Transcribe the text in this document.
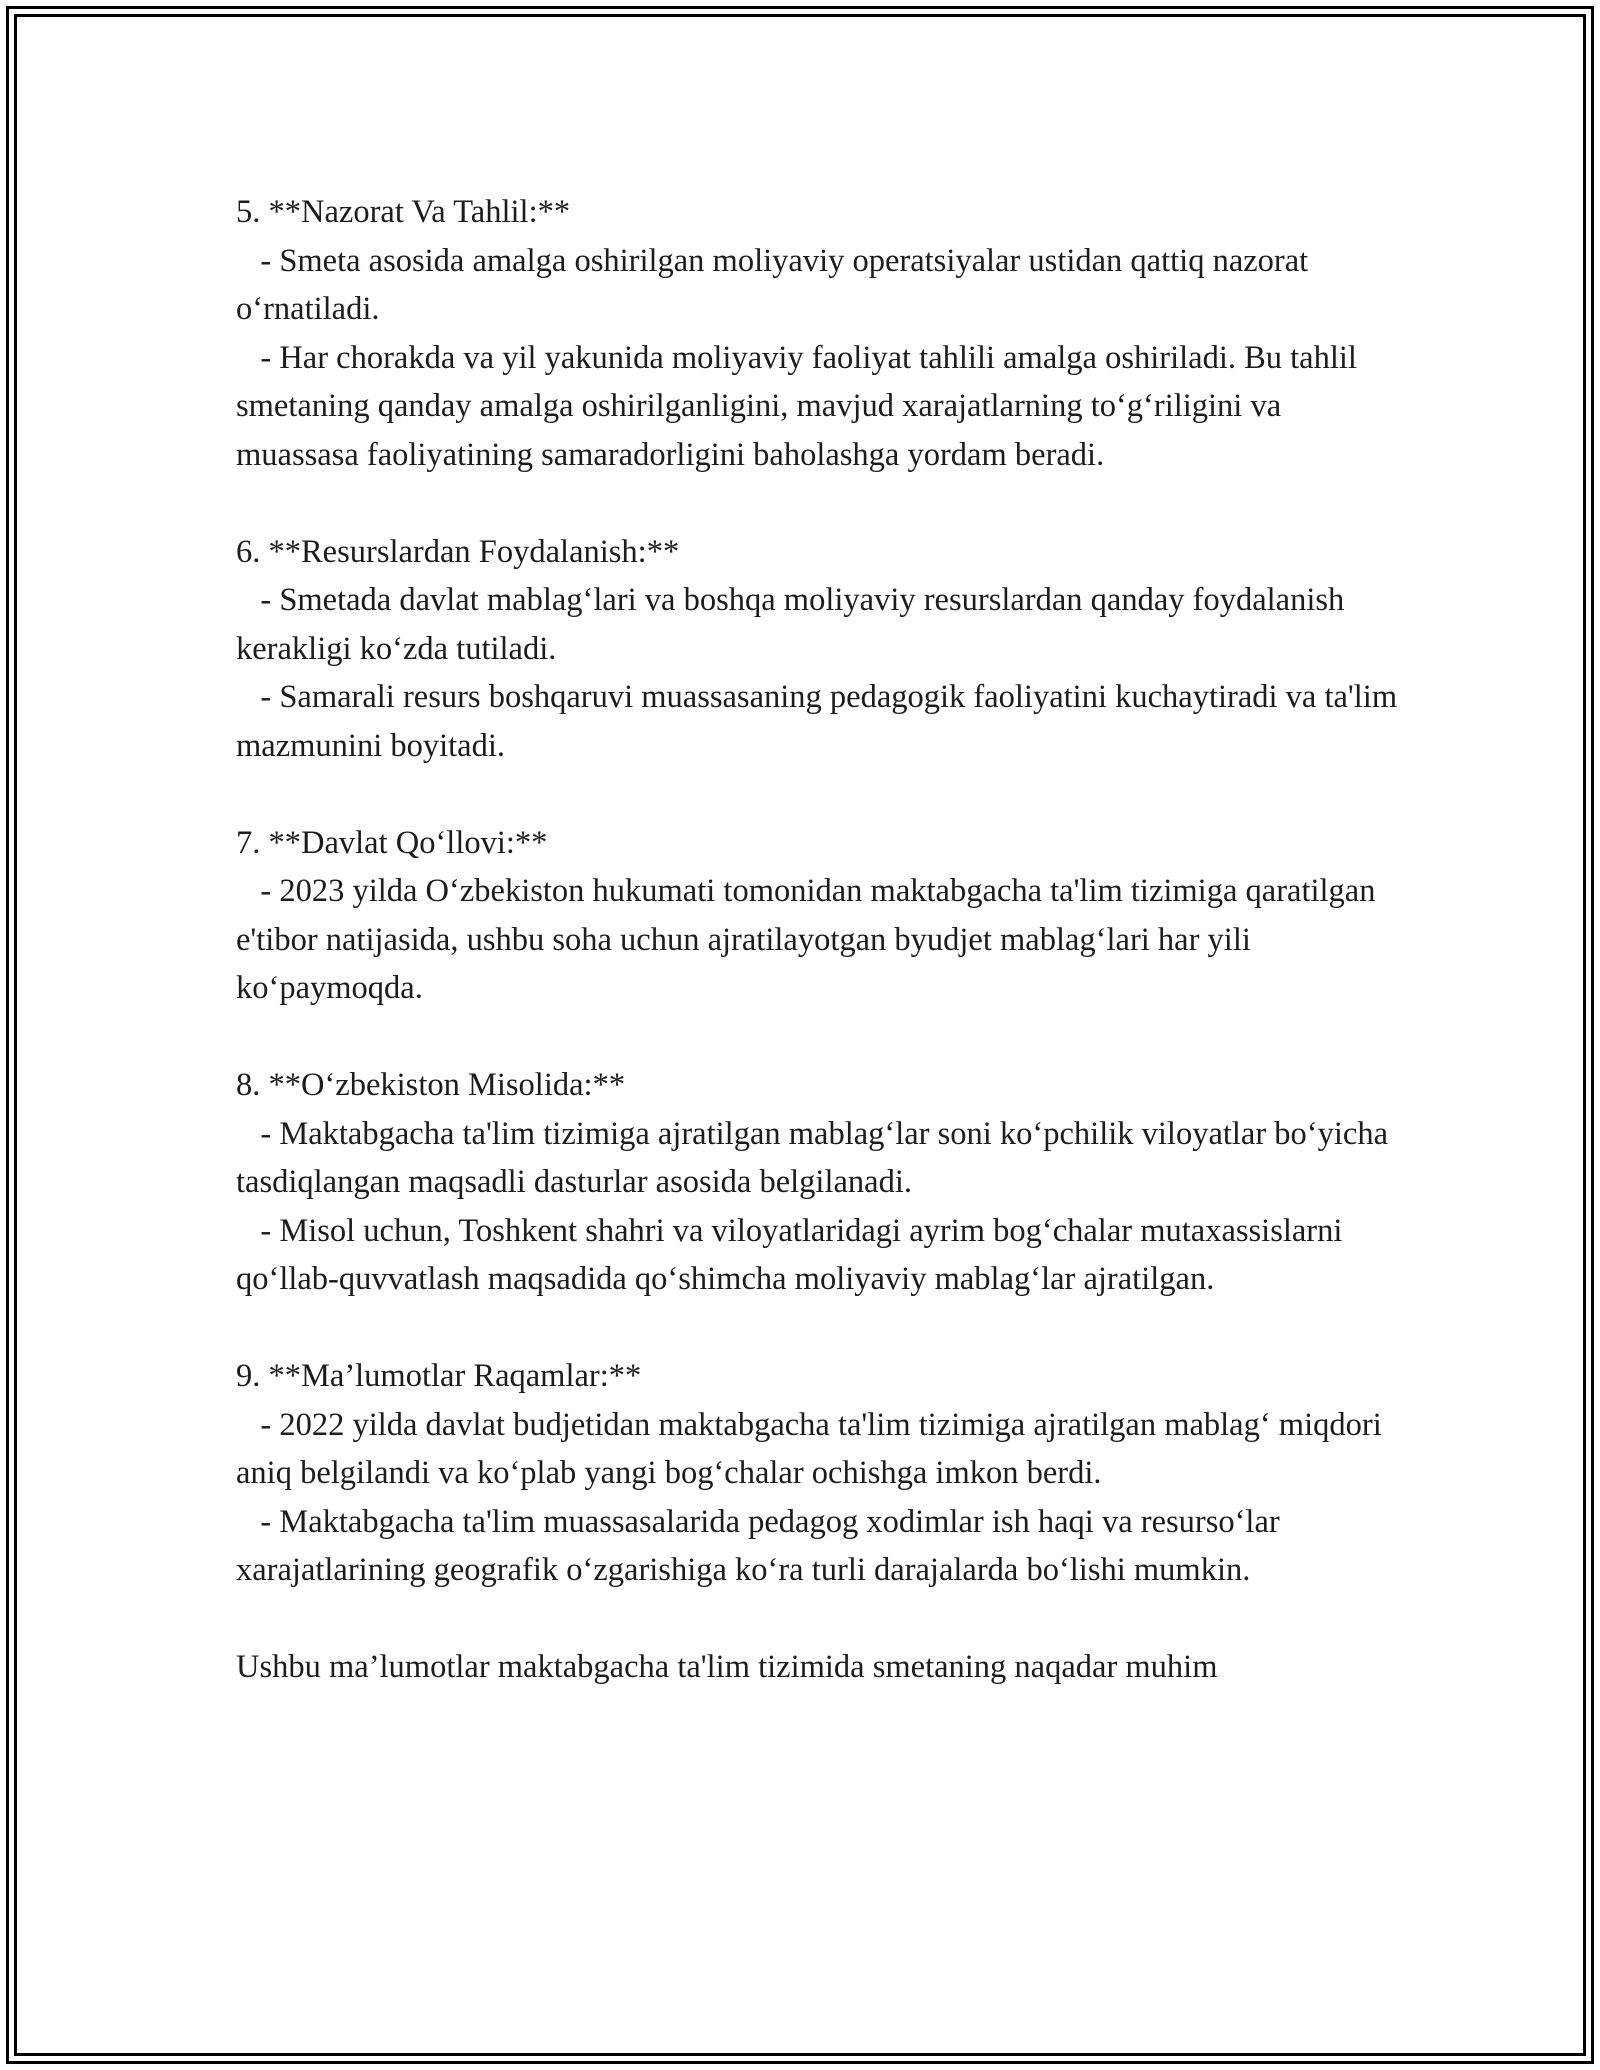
5. **Nazorat Va Tahlil:**

- Smeta asosida amalga oshirilgan moliyaviy operatsiyalar ustidan qattiq nazorat o‘rnatiladi.

- Har chorakda va yil yakunida moliyaviy faoliyat tahlili amalga oshiriladi. Bu tahlil smetaning qanday amalga oshirilganligini, mavjud xarajatlarning to‘g‘riligini va muassasa faoliyatining samaradorligini baholashga yordam beradi.

6. **Resurslardan Foydalanish:**

- Smetada davlat mablag‘lari va boshqa moliyaviy resurslardan qanday foydalanish kerakligi ko‘zda tutiladi.

- Samarali resurs boshqaruvi muassasaning pedagogik faoliyatini kuchaytiradi va ta'lim mazmunini boyitadi.

7. **Davlat Qo‘llovi:**

- 2023 yilda O‘zbekiston hukumati tomonidan maktabgacha ta'lim tizimiga qaratilgan e'tibor natijasida, ushbu soha uchun ajratilayotgan byudjet mablag‘lari har yili ko‘paymoqda.

8. **O‘zbekiston Misolida:**

- Maktabgacha ta'lim tizimiga ajratilgan mablag‘lar soni ko‘pchilik viloyatlar bo‘yicha tasdiqlangan maqsadli dasturlar asosida belgilanadi.

- Misol uchun, Toshkent shahri va viloyatlaridagi ayrim bog‘chalar mutaxassislarni qo‘llab-quvvatlash maqsadida qo‘shimcha moliyaviy mablag‘lar ajratilgan.

9. **Ma’lumotlar Raqamlar:**

- 2022 yilda davlat budjetidan maktabgacha ta'lim tizimiga ajratilgan mablag‘ miqdori aniq belgilandi va ko‘plab yangi bog‘chalar ochishga imkon berdi.

- Maktabgacha ta'lim muassasalarida pedagog xodimlar ish haqi va resurso‘lar xarajatlarining geografik o‘zgarishiga ko‘ra turli darajalarda bo‘lishi mumkin.

Ushbu ma’lumotlar maktabgacha ta'lim tizimida smetaning naqadar muhim
